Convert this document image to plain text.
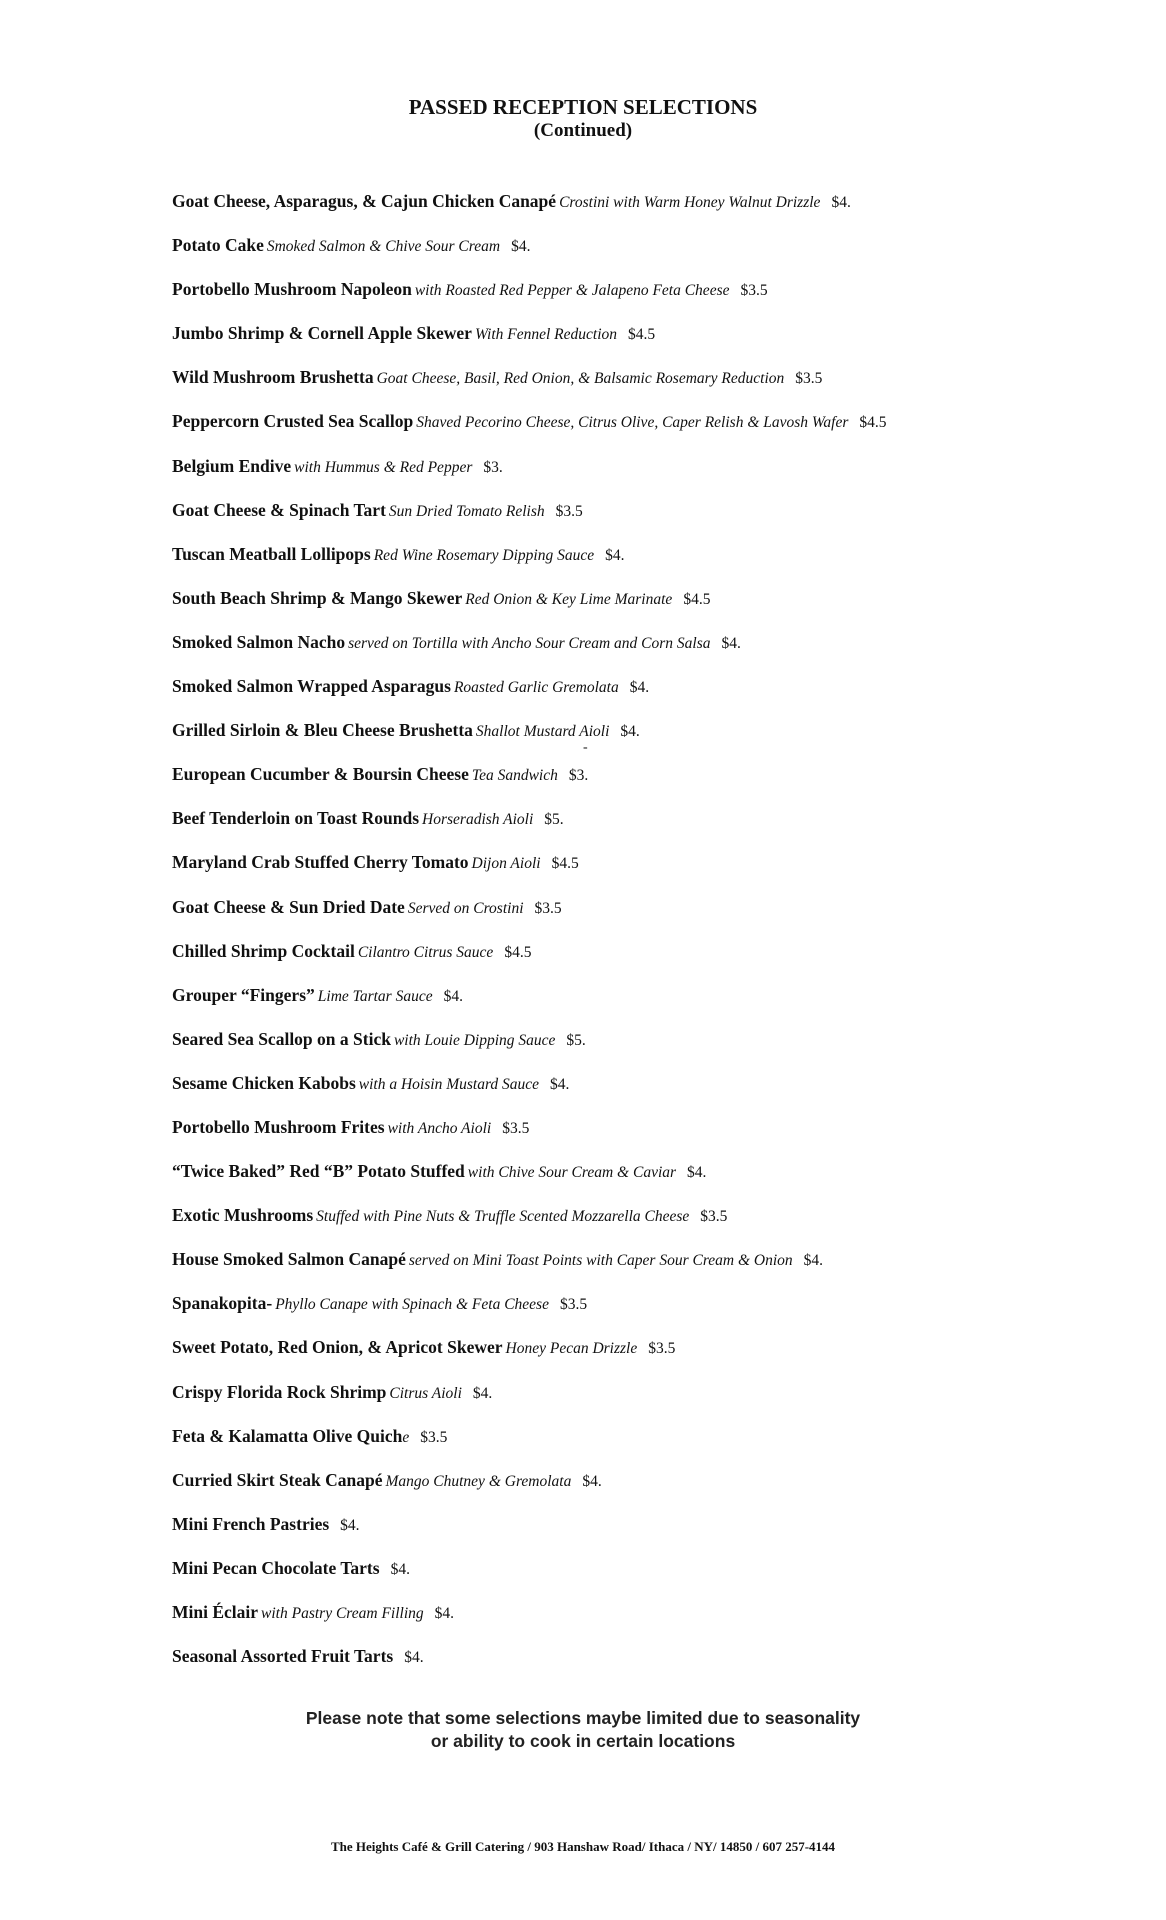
PASSED RECEPTION SELECTIONS
(Continued)
Goat Cheese, Asparagus, & Cajun Chicken Canapé Crostini with Warm Honey Walnut Drizzle $4.
Potato Cake Smoked Salmon & Chive Sour Cream $4.
Portobello Mushroom Napoleon with Roasted Red Pepper & Jalapeno Feta Cheese $3.5
Jumbo Shrimp & Cornell Apple Skewer With Fennel Reduction $4.5
Wild Mushroom Brushetta Goat Cheese, Basil, Red Onion, & Balsamic Rosemary Reduction $3.5
Peppercorn Crusted Sea Scallop Shaved Pecorino Cheese, Citrus Olive, Caper Relish & Lavosh Wafer $4.5
Belgium Endive with Hummus & Red Pepper $3.
Goat Cheese & Spinach Tart Sun Dried Tomato Relish $3.5
Tuscan Meatball Lollipops Red Wine Rosemary Dipping Sauce $4.
South Beach Shrimp & Mango Skewer Red Onion & Key Lime Marinate $4.5
Smoked Salmon Nacho served on Tortilla with Ancho Sour Cream and Corn Salsa $4.
Smoked Salmon Wrapped Asparagus Roasted Garlic Gremolata $4.
Grilled Sirloin & Bleu Cheese Brushetta Shallot Mustard Aioli $4.
European Cucumber & Boursin Cheese Tea Sandwich $3.
Beef Tenderloin on Toast Rounds Horseradish Aioli $5.
Maryland Crab Stuffed Cherry Tomato Dijon Aioli $4.5
Goat Cheese & Sun Dried Date Served on Crostini $3.5
Chilled Shrimp Cocktail Cilantro Citrus Sauce $4.5
Grouper “Fingers” Lime Tartar Sauce $4.
Seared Sea Scallop on a Stick with Louie Dipping Sauce $5.
Sesame Chicken Kabobs with a Hoisin Mustard Sauce $4.
Portobello Mushroom Frites with Ancho Aioli $3.5
“Twice Baked” Red “B” Potato Stuffed with Chive Sour Cream & Caviar $4.
Exotic Mushrooms Stuffed with Pine Nuts & Truffle Scented Mozzarella Cheese $3.5
House Smoked Salmon Canapé served on Mini Toast Points with Caper Sour Cream & Onion $4.
Spanakopita- Phyllo Canape with Spinach & Feta Cheese $3.5
Sweet Potato, Red Onion, & Apricot Skewer Honey Pecan Drizzle $3.5
Crispy Florida Rock Shrimp Citrus Aioli $4.
Feta & Kalamatta Olive Quiche $3.5
Curried Skirt Steak Canapé Mango Chutney & Gremolata $4.
Mini French Pastries $4.
Mini Pecan Chocolate Tarts $4.
Mini Éclair with Pastry Cream Filling $4.
Seasonal Assorted Fruit Tarts $4.
-
Please note that some selections maybe limited due to seasonality
or ability to cook in certain locations
The Heights Café & Grill Catering / 903 Hanshaw Road/ Ithaca / NY/ 14850 / 607 257-4144
